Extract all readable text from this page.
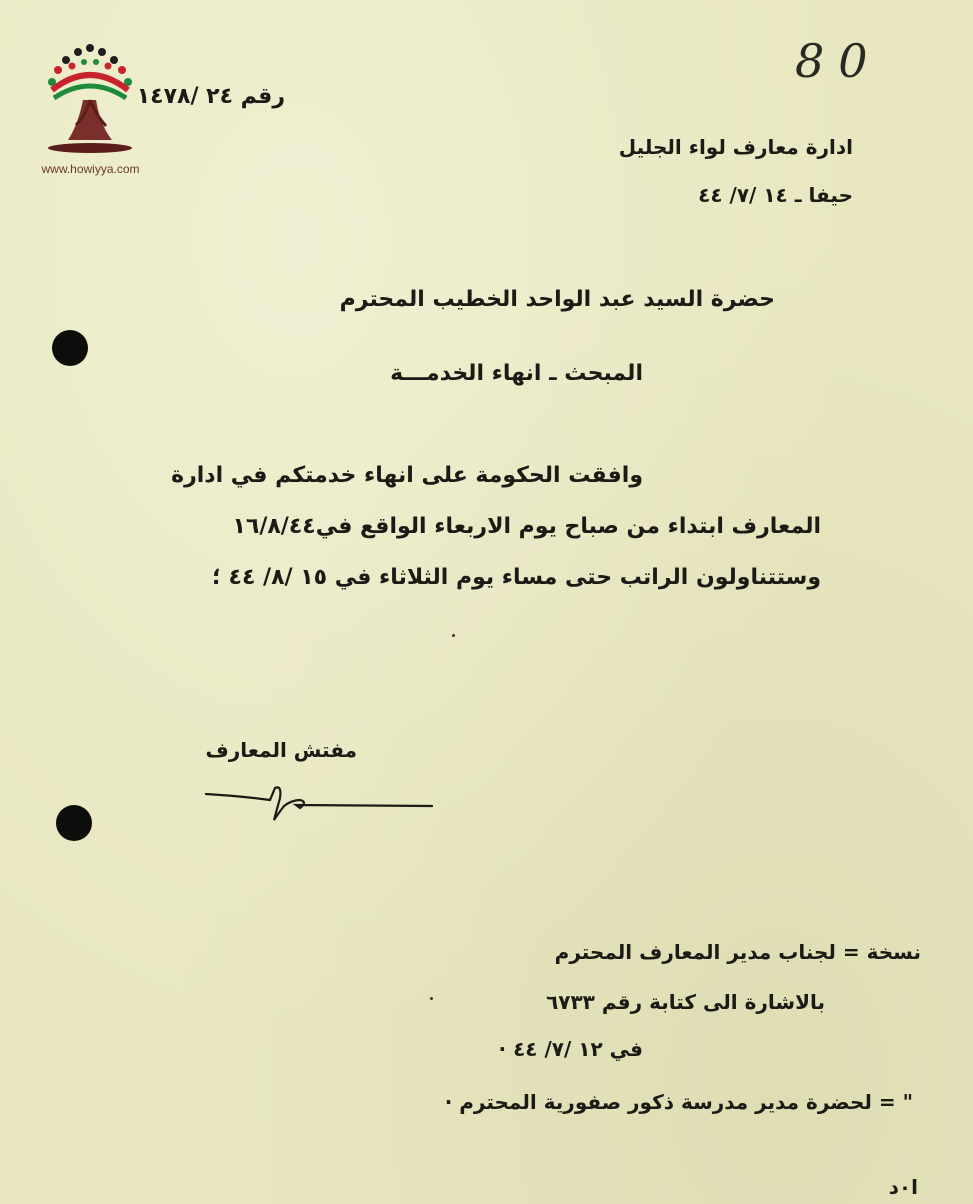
www.howiyya.com
80
رقم ٢٤ /١٤٧٨
ادارة معارف لواء الجليل
حيفا ـ ١٤ /٧/ ٤٤
حضرة السيد عبد الواحد الخطيب المحترم
المبحث ـ انهاء الخدمـــة
وافقت الحكومة على انهاء خدمتكم في ادارة
المعارف ابتداء من صباح يوم الاربعاء الواقع في١٦/٨/٤٤
وستتناولون الراتب حتى مساء يوم الثلاثاء في ١٥ /٨/ ٤٤ ؛
مفتش المعارف
نسخة = لجناب مدير المعارف المحترم
بالاشارة الى كتابة رقم ٦٧٣٣
في ١٢ /٧/ ٤٤ ·
" = لحضرة مدير مدرسة ذكور صفورية المحترم ·
ا٠د
